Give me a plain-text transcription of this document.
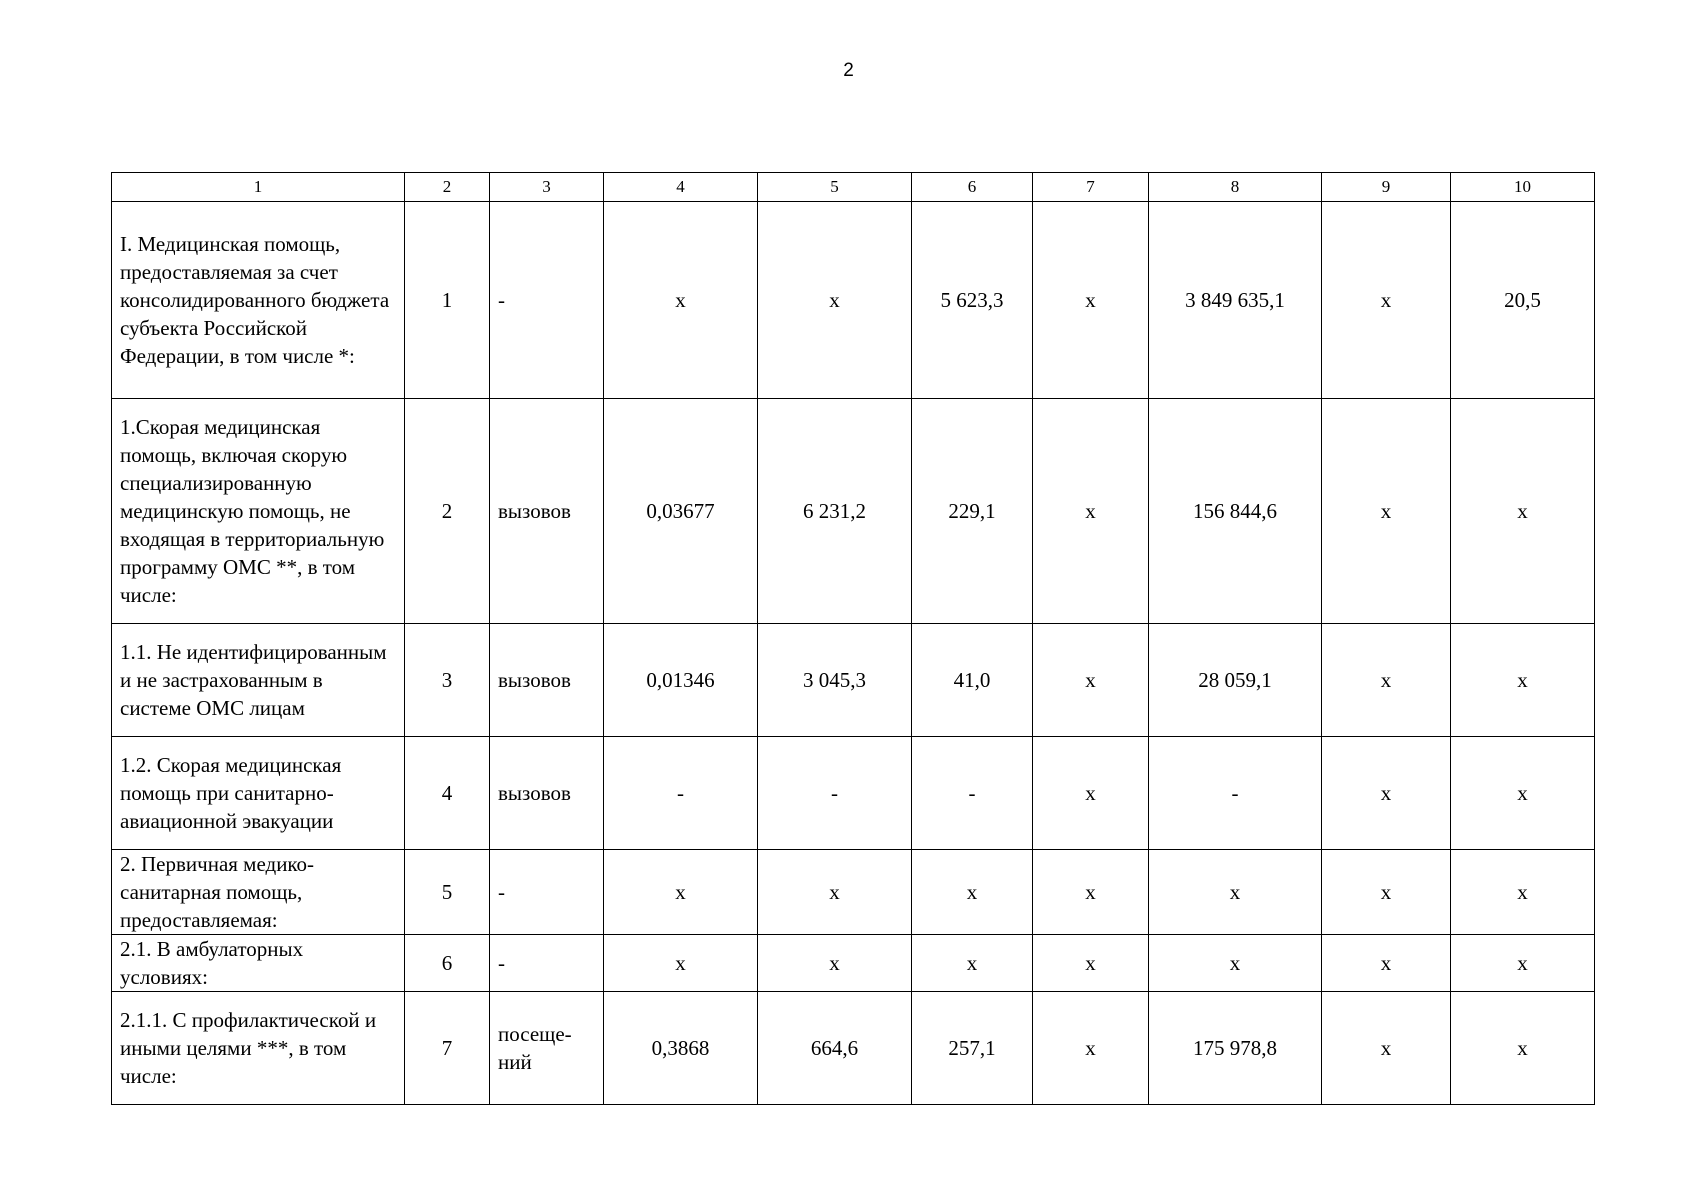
2
1	2	3	4	5	6	7	8	9	10
I. Медицинская помощь, предоставляемая за счет консолидированного бюджета субъекта Российской Федерации, в том числе *:	1	-	х	х	5 623,3	х	3 849 635,1	х	20,5
1.Скорая медицинская помощь, включая скорую специализированную медицинскую помощь, не входящая в территориальную программу ОМС **, в том числе:	2	вызовов	0,03677	6 231,2	229,1	х	156 844,6	х	х
1.1. Не идентифицированным и не застрахованным в системе ОМС лицам	3	вызовов	0,01346	3 045,3	41,0	х	28 059,1	х	х
1.2. Скорая медицинская помощь при санитарно-авиационной эвакуации	4	вызовов	-	-	-	х	-	х	х
2. Первичная медико-санитарная помощь, предоставляемая:	5	-	х	х	х	х	х	х	х
2.1. В амбулаторных условиях:	6	-	х	х	х	х	х	х	х
2.1.1. С профилактической и иными целями ***, в том числе:	7	посеще-ний	0,3868	664,6	257,1	х	175 978,8	х	х
